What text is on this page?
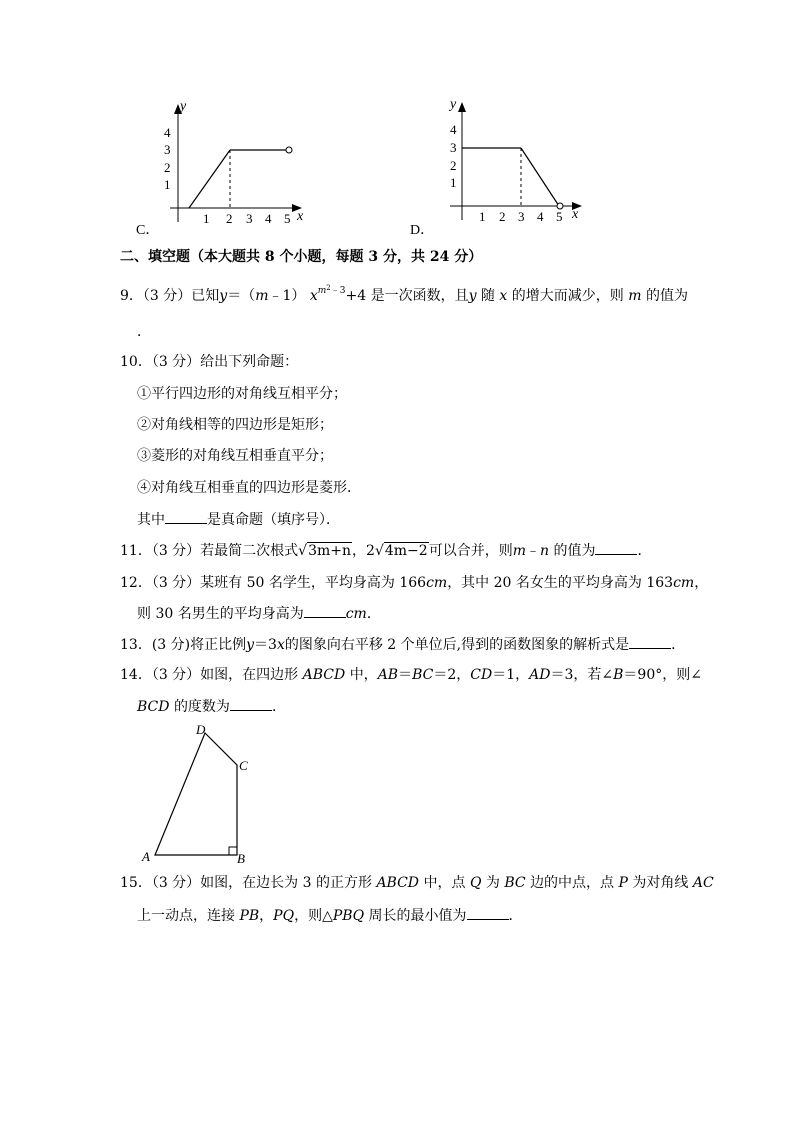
y
x
4
3
2
1
1 2 3 4 5
C．
y
x
4
3
2
1
1 2 3 4 5
D．
二、填空题（本大题共 8 个小题，每题 3 分，共 24 分）
9．（3 分）已知y＝（m﹣1） $x^{m^2﹣3}+4$ 是一次函数，且y 随 x 的增大而减少，则 m 的值为
．
10．（3 分）给出下列命题：
①平行四边形的对角线互相平分；
②对角线相等的四边形是矩形；
③菱形的对角线互相垂直平分；
④对角线互相垂直的四边形是菱形．
其中	是真命题（填序号）．
11．（3 分）若最简二次根式√3m+n，2√4m−2可以合并，则m﹣n 的值为	．
12．（3 分）某班有 50 名学生，平均身高为 166cm，其中 20 名女生的平均身高为 163cm，
则 30 名男生的平均身高为	cm．
13．(3 分)将正比例y＝3x的图象向右平移 2 个单位后,得到的函数图象的解析式是	．
14．（3 分）如图，在四边形 ABCD 中，AB＝BC＝2，CD＝1，AD＝3，若∠B＝90°，则∠
BCD 的度数为	．
A	B
C
D
15．（3 分）如图，在边长为 3 的正方形 ABCD 中，点 Q 为 BC 边的中点，点 P 为对角线 AC
上一动点，连接 PB，PQ，则△PBQ 周长的最小值为	．
